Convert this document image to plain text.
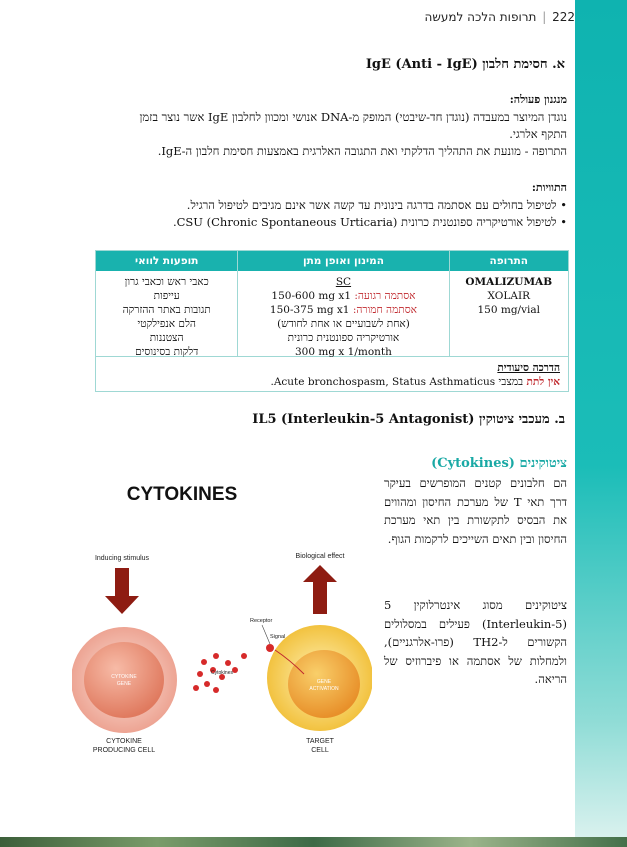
222 | תרופות הלכה למעשה
א. חסימת חלבון IgE (Anti - IgE)
מנגנון פעולה:
נוגדן המיוצר במעבדה (נוגדן חד-שיבטי) המופק מ-DNA אנושי ומכוון לחלבון IgE אשר נוצר בזמן
התקף אלרגי.
התרופה - מונעת את התהליך הדלקתי ואת התגובה האלרגית באמצעות חסימת חלבון ה-IgE.
התוויות:
• לטיפול בחולים עם אסתמה בדרגה בינונית עד קשה אשר אינם מגיבים לטיפול הרגיל.
• לטיפול אורטיקריה ספונטנית כרונית CSU (Chronic Spontaneous Urticaria).
התרופה
המינון ואופן מתן
תופעות לוואי
OMALIZUMAB
XOLAIR
150 mg/vial
SC
אסתמה רגועה: 150-600 mg x1
אסתמה חמורה: 150-375 mg x1
(אחת לשבועיים או אחת לחודש)
אורטיקריה ספונטנית כרונית
300 mg x 1/month
כאבי ראש וכאבי גרון
עייפות
תגובות באתר ההזרקה
הלם אנפילקטי
הצטננות
דלקות בסינוסים
הדרכה סיעודית
אין לתת במצבי Acute bronchospasm, Status Asthmaticus.
ב. מעכבי ציטוקין IL5 (Interleukin-5 Antagonist)
ציטוקינים (Cytokines)
הם חלבונים קטנים המופרשים בעיקר דרך תאי T של מערכת החיסון ומהווים את הבסיס לתקשורת בין תאי מערכת החיסון ובין תאים השייכים לרקמות הגוף.
ציטוקינים מסוג אינטרלוקין 5 (Interleukin-5) פעילים במסלולים הקשורים ל-TH2 (פרו-אלרגניים), ולמחלות של אסתמה או פיברוזיס של הריאה.
CYTOKINES
Inducing stimulus	Biological effect
CYTOKINE
GENE
Cytokines
GENE
ACTIVATION
Receptor
Signal
CYTOKINE
PRODUCING CELL
TARGET
CELL
